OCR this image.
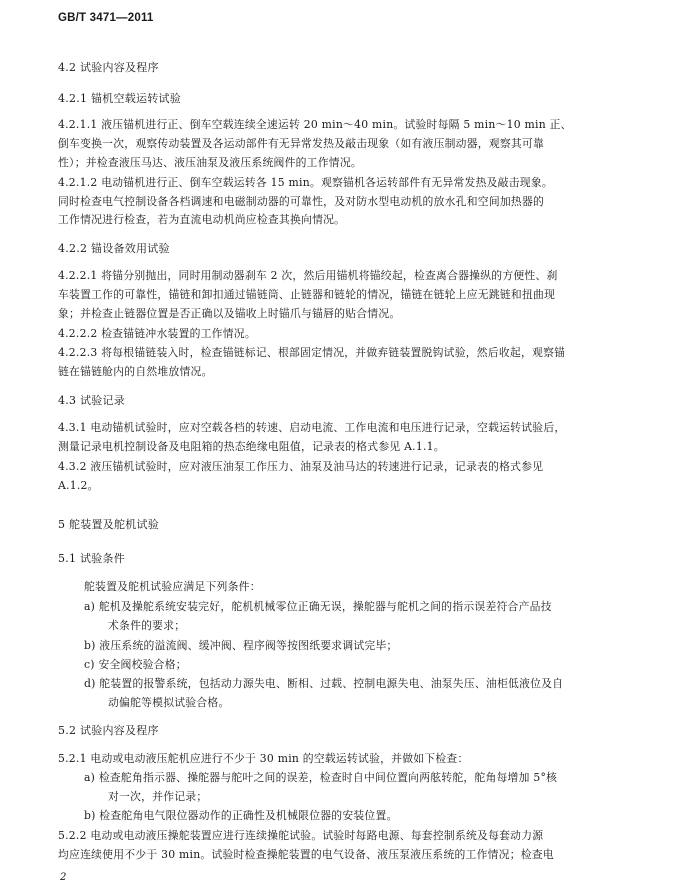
GB/T 3471—2011
4.2 试验内容及程序
4.2.1 锚机空载运转试验
4.2.1.1 液压锚机进行正、倒车空载连续全速运转 20 min～40 min。试验时每隔 5 min～10 min 正、
倒车变换一次，观察传动装置及各运动部件有无异常发热及敲击现象（如有液压制动器，观察其可靠
性）；并检查液压马达、液压油泵及液压系统阀件的工作情况。
4.2.1.2 电动锚机进行正、倒车空载运转各 15 min。观察锚机各运转部件有无异常发热及敲击现象。
同时检查电气控制设备各档调速和电磁制动器的可靠性，及对防水型电动机的放水孔和空间加热器的
工作情况进行检查，若为直流电动机尚应检查其换向情况。
4.2.2 锚设备效用试验
4.2.2.1 将锚分别抛出，同时用制动器刹车 2 次，然后用锚机将锚绞起，检查离合器操纵的方便性、刹
车装置工作的可靠性，锚链和卸扣通过锚链筒、止链器和链轮的情况，锚链在链轮上应无跳链和扭曲现
象；并检查止链器位置是否正确以及锚收上时锚爪与锚唇的贴合情况。
4.2.2.2 检查锚链冲水装置的工作情况。
4.2.2.3 将每根锚链装入时，检查锚链标记、根部固定情况，并做弃链装置脱钩试验，然后收起，观察锚
链在锚链舱内的自然堆放情况。
4.3 试验记录
4.3.1 电动锚机试验时，应对空载各档的转速、启动电流、工作电流和电压进行记录，空载运转试验后，
测量记录电机控制设备及电阻箱的热态绝缘电阻值，记录表的格式参见 A.1.1。
4.3.2 液压锚机试验时，应对液压油泵工作压力、油泵及油马达的转速进行记录，记录表的格式参见
A.1.2。
5 舵装置及舵机试验
5.1 试验条件
舵装置及舵机试验应满足下列条件：
a) 舵机及操舵系统安装完好，舵机机械零位正确无误，操舵器与舵机之间的指示误差符合产品技
术条件的要求；
b) 液压系统的溢流阀、缓冲阀、程序阀等按图纸要求调试完毕；
c) 安全阀校验合格；
d) 舵装置的报警系统，包括动力源失电、断相、过载、控制电源失电、油泵失压、油柜低液位及自
动偏舵等模拟试验合格。
5.2 试验内容及程序
5.2.1 电动或电动液压舵机应进行不少于 30 min 的空载运转试验，并做如下检查：
a) 检查舵角指示器、操舵器与舵叶之间的误差，检查时自中间位置向两舷转舵，舵角每增加 5°核
对一次，并作记录；
b) 检查舵角电气限位器动作的正确性及机械限位器的安装位置。
5.2.2 电动或电动液压操舵装置应进行连续操舵试验。试验时每路电源、每套控制系统及每套动力源
均应连续使用不少于 30 min。试验时检查操舵装置的电气设备、液压泵液压系统的工作情况；检查电
2
